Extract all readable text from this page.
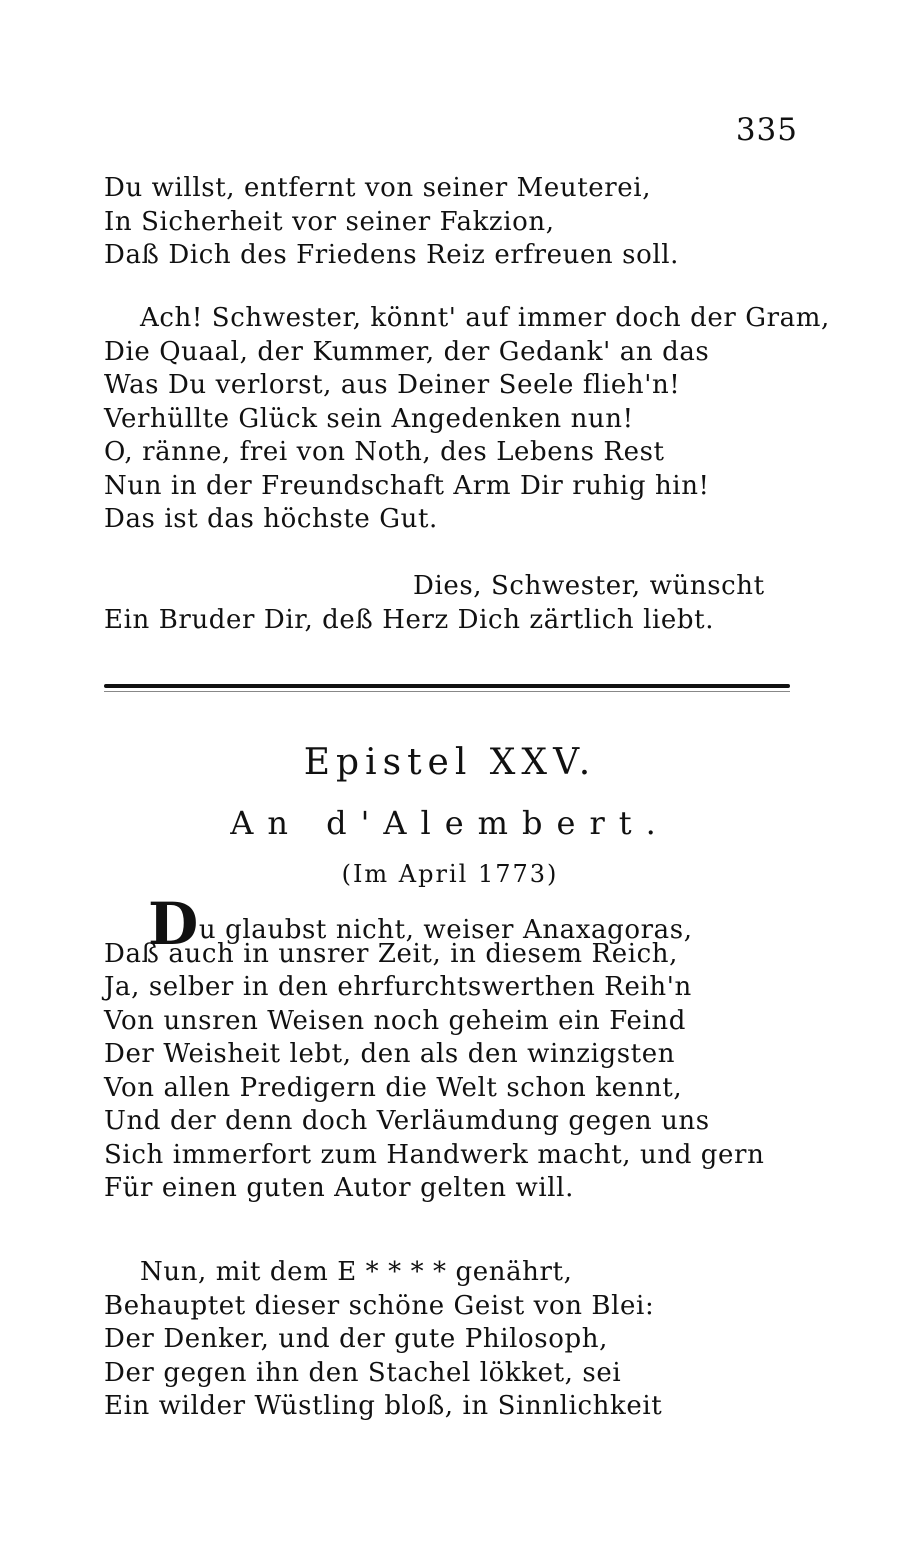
335
Du willst, entfernt von seiner Meuterei,
In Sicherheit vor seiner Fakzion,
Daß Dich des Friedens Reiz erfreuen soll.
Ach! Schwester, könnt' auf immer doch der Gram,
Die Quaal, der Kummer, der Gedank' an das
Was Du verlorst, aus Deiner Seele flieh'n!
Verhüllte Glück sein Angedenken nun!
O, ränne, frei von Noth, des Lebens Rest
Nun in der Freundschaft Arm Dir ruhig hin!
Das ist das höchste Gut.
Dies, Schwester, wünscht
Ein Bruder Dir, deß Herz Dich zärtlich liebt.
Epistel XXV.
An d'Alembert.
(Im April 1773)
Du glaubst nicht, weiser Anaxagoras,
Daß auch in unsrer Zeit, in diesem Reich,
Ja, selber in den ehrfurchtswerthen Reih'n
Von unsren Weisen noch geheim ein Feind
Der Weisheit lebt, den als den winzigsten
Von allen Predigern die Welt schon kennt,
Und der denn doch Verläumdung gegen uns
Sich immerfort zum Handwerk macht, und gern
Für einen guten Autor gelten will.
Nun, mit dem E * * * * genährt,
Behauptet dieser schöne Geist von Blei:
Der Denker, und der gute Philosoph,
Der gegen ihn den Stachel lökket, sei
Ein wilder Wüstling bloß, in Sinnlichkeit
